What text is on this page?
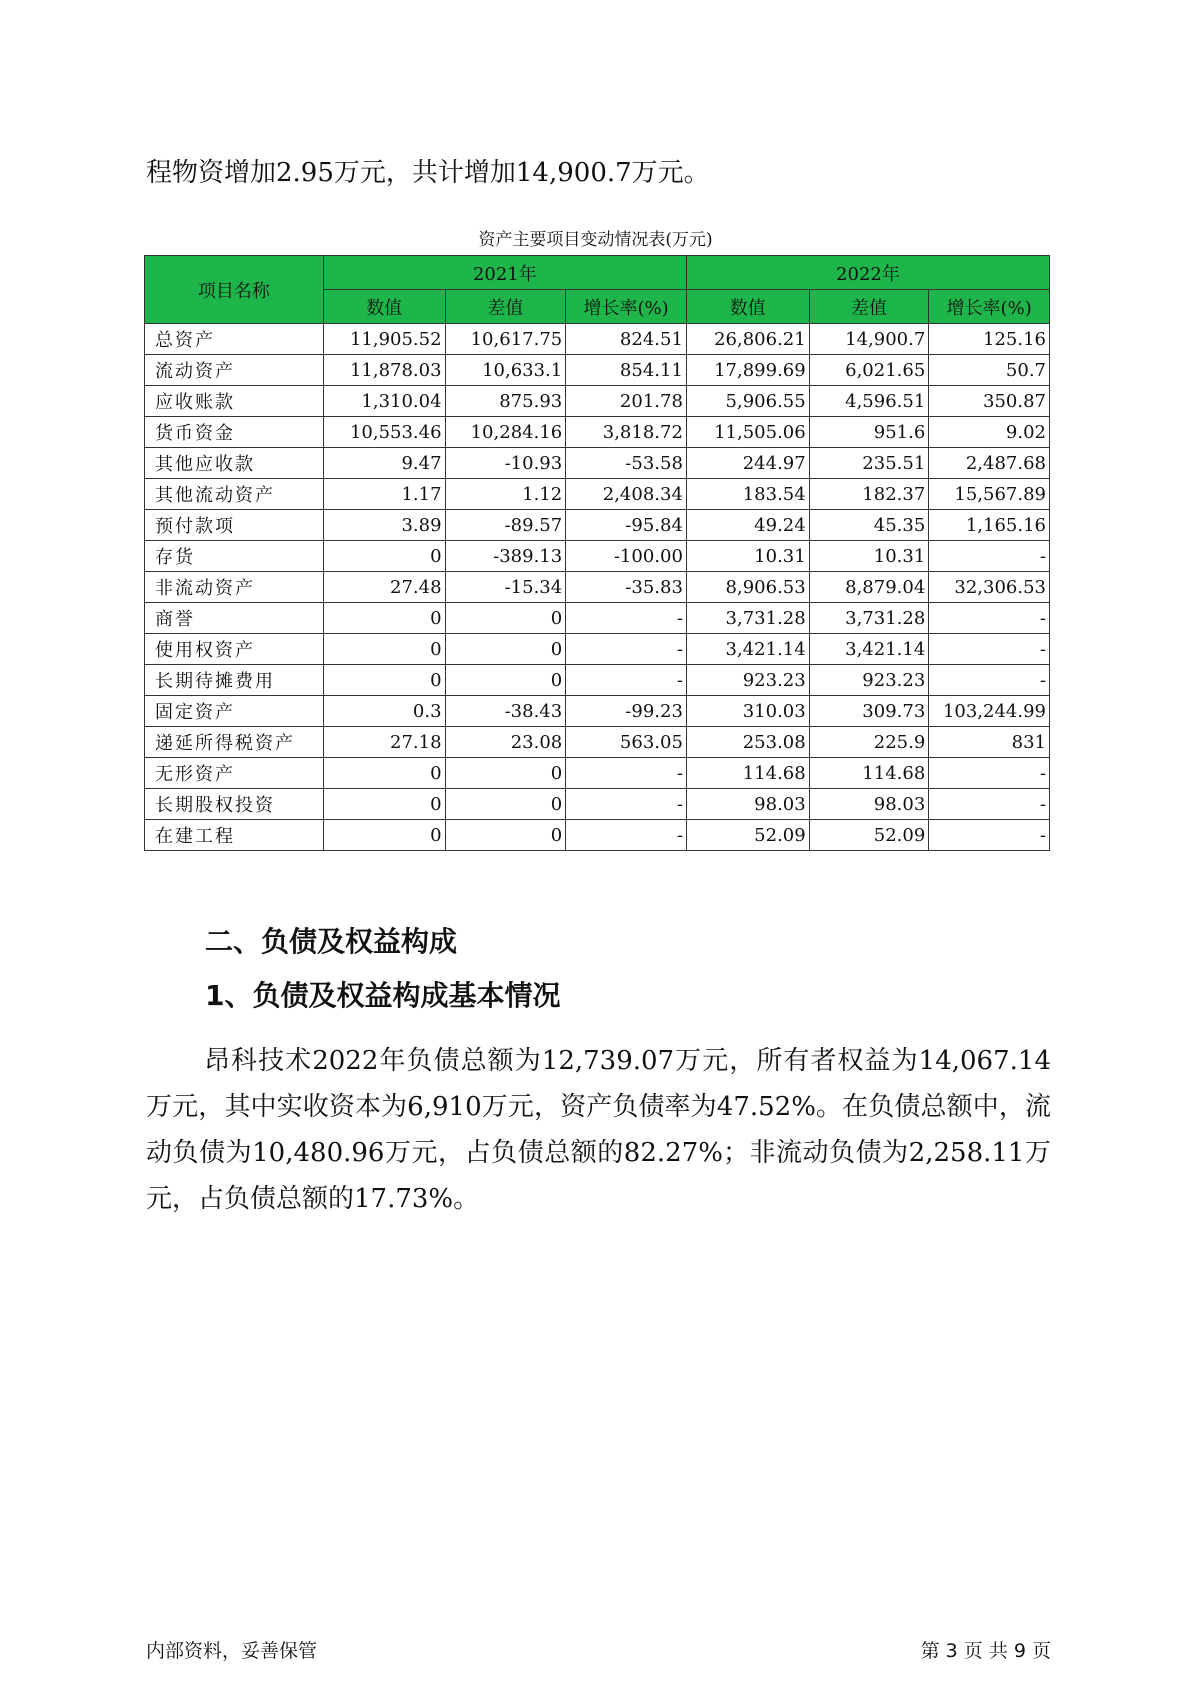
程物资增加2.95万元，共计增加14,900.7万元。

资产主要项目变动情况表(万元)
项目名称	2021年			2022年		
	数值	差值	增长率(%)	数值	差值	增长率(%)
总资产	11,905.52	10,617.75	824.51	26,806.21	14,900.7	125.16
流动资产	11,878.03	10,633.1	854.11	17,899.69	6,021.65	50.7
应收账款	1,310.04	875.93	201.78	5,906.55	4,596.51	350.87
货币资金	10,553.46	10,284.16	3,818.72	11,505.06	951.6	9.02
其他应收款	9.47	-10.93	-53.58	244.97	235.51	2,487.68
其他流动资产	1.17	1.12	2,408.34	183.54	182.37	15,567.89
预付款项	3.89	-89.57	-95.84	49.24	45.35	1,165.16
存货	0	-389.13	-100.00	10.31	10.31	-
非流动资产	27.48	-15.34	-35.83	8,906.53	8,879.04	32,306.53
商誉	0	0	-	3,731.28	3,731.28	-
使用权资产	0	0	-	3,421.14	3,421.14	-
长期待摊费用	0	0	-	923.23	923.23	-
固定资产	0.3	-38.43	-99.23	310.03	309.73	103,244.99
递延所得税资产	27.18	23.08	563.05	253.08	225.9	831
无形资产	0	0	-	114.68	114.68	-
长期股权投资	0	0	-	98.03	98.03	-
在建工程	0	0	-	52.09	52.09	-
二、负债及权益构成
1、负债及权益构成基本情况

昂科技术2022年负债总额为12,739.07万元，所有者权益为14,067.14万元，其中实收资本为6,910万元，资产负债率为47.52%。在负债总额中，流动负债为10,480.96万元，占负债总额的82.27%；非流动负债为2,258.11万元，占负债总额的17.73%。

内部资料，妥善保管	第 3 页 共 9 页
